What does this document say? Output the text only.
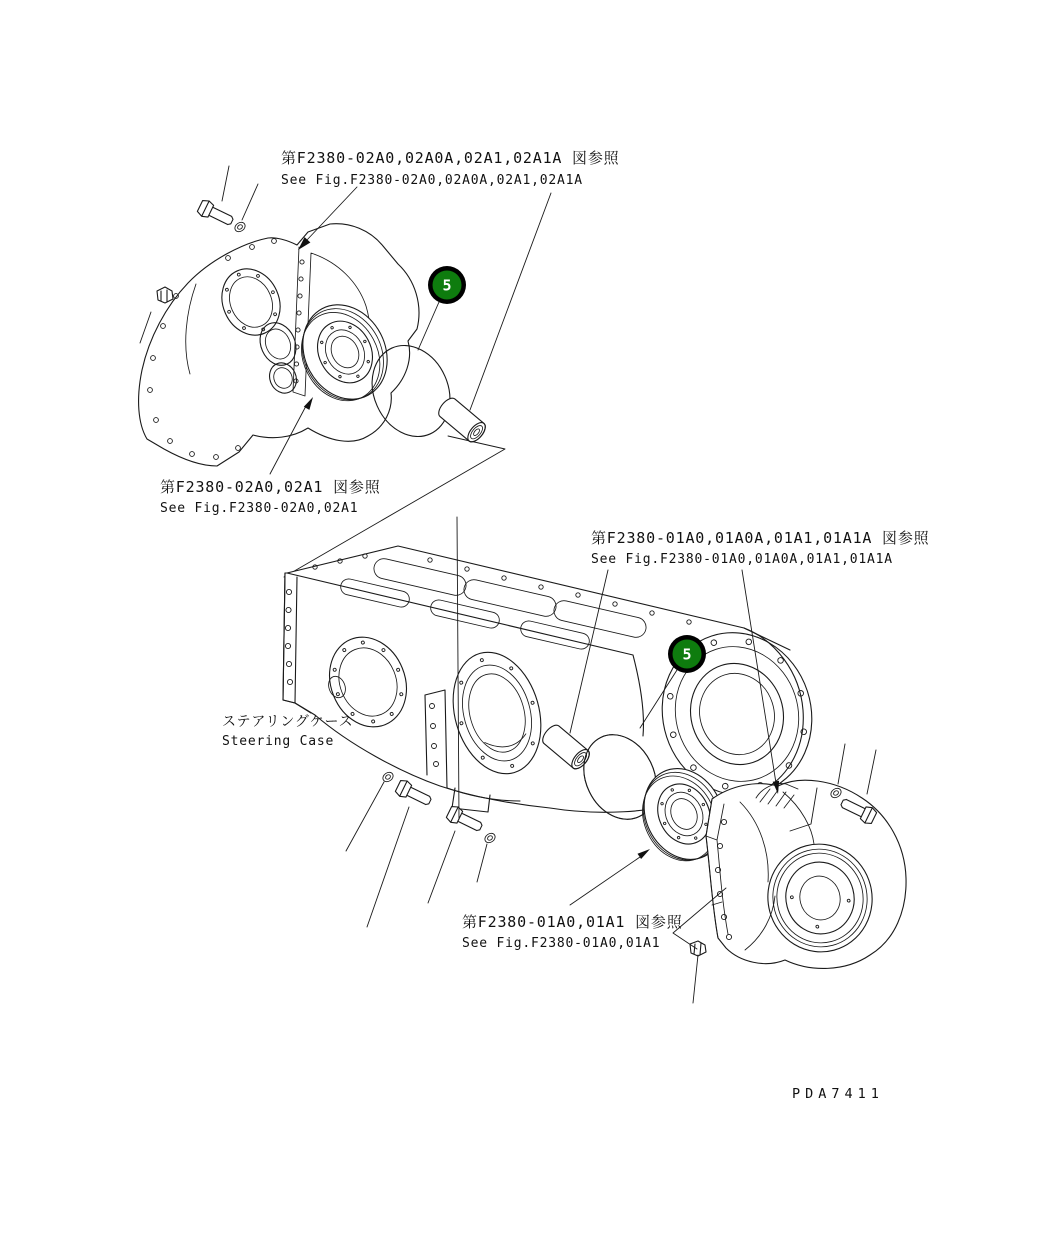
5
5
第F2380-02A0,02A0A,02A1,02A1A 図参照
See Fig.F2380-02A0,02A0A,02A1,02A1A
第F2380-02A0,02A1 図参照
See Fig.F2380-02A0,02A1
第F2380-01A0,01A0A,01A1,01A1A 図参照
See Fig.F2380-01A0,01A0A,01A1,01A1A
第F2380-01A0,01A1 図参照
See Fig.F2380-01A0,01A1
ステアリングケース
Steering Case
PDA7411
